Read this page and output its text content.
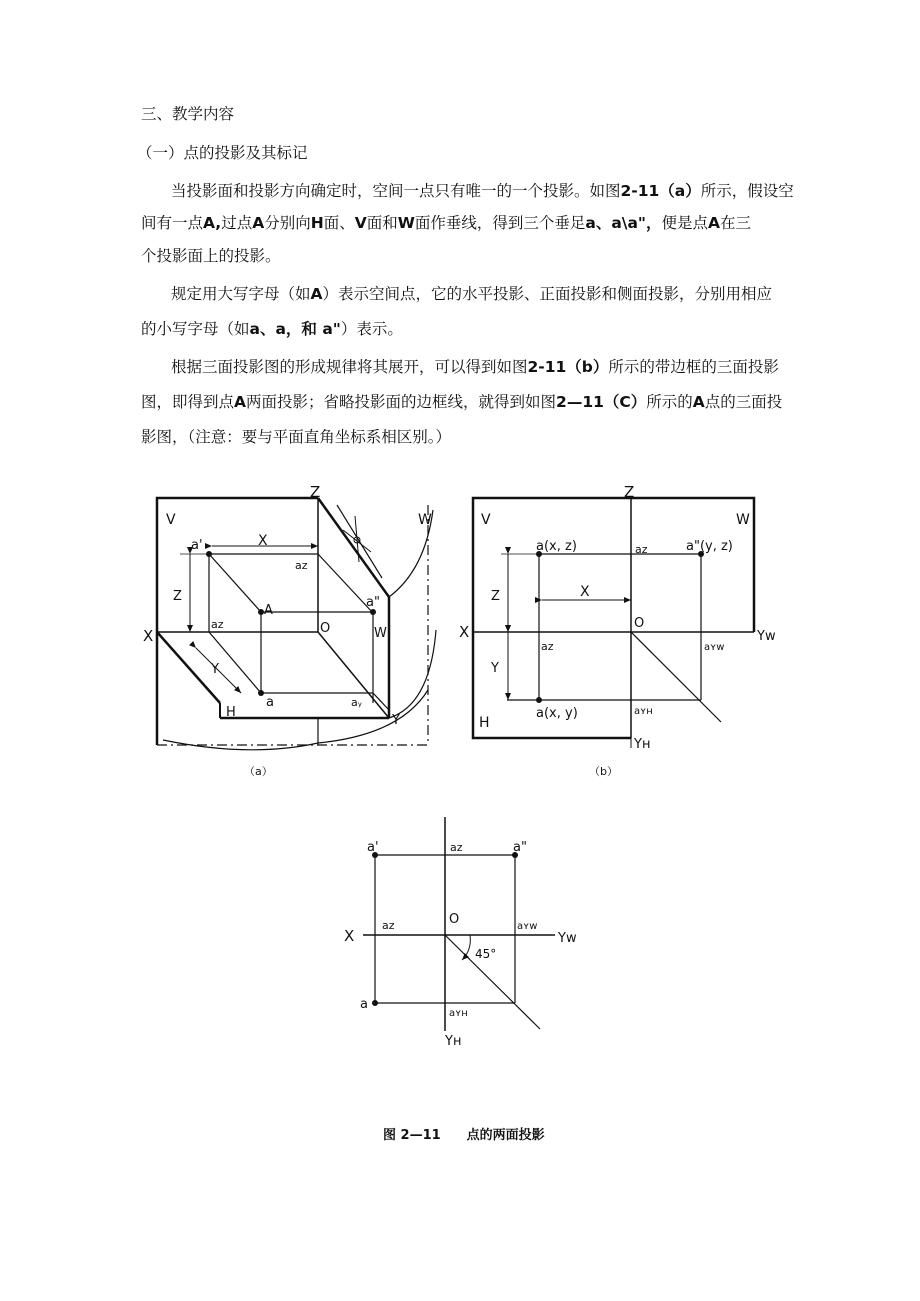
三、教学内容
（一）点的投影及其标记
当投影面和投影方向确定时，空间一点只有唯一的一个投影。如图2-11（a）所示，假设空
间有一点A,过点A分别向H面、V面和W面作垂线，得到三个垂足a、a\a"，便是点A在三
个投影面上的投影。
规定用大写字母（如A）表示空间点，它的水平投影、正面投影和侧面投影，分别用相应
的小写字母（如a、a，和 a"）表示。
根据三面投影图的形成规律将其展开，可以得到如图2-11（b）所示的带边框的三面投影
图，即得到点A两面投影；省略投影面的边框线，就得到如图2—11（C）所示的A点的三面投
影图，（注意：要与平面直角坐标系相区别。）
Z
V	W
X
a'	X
aᴢ
Z
A
a"
aᴢ	O	W
Y
a	aᵧ
H
Y
（a）
Z
V	W
a(x, z)	aᴢ	a"(y, z)
Z	X
X	O
Yᴡ
aᴢ	aʏᴡ
Y
a(x, y)	aʏʜ
H
Yʜ
（b）
a'	aᴢ	a"
aᴢ	O	aʏᴡ
X	Yᴡ
45°
a
aʏʜ
Yʜ
图 2—11　　点的两面投影
